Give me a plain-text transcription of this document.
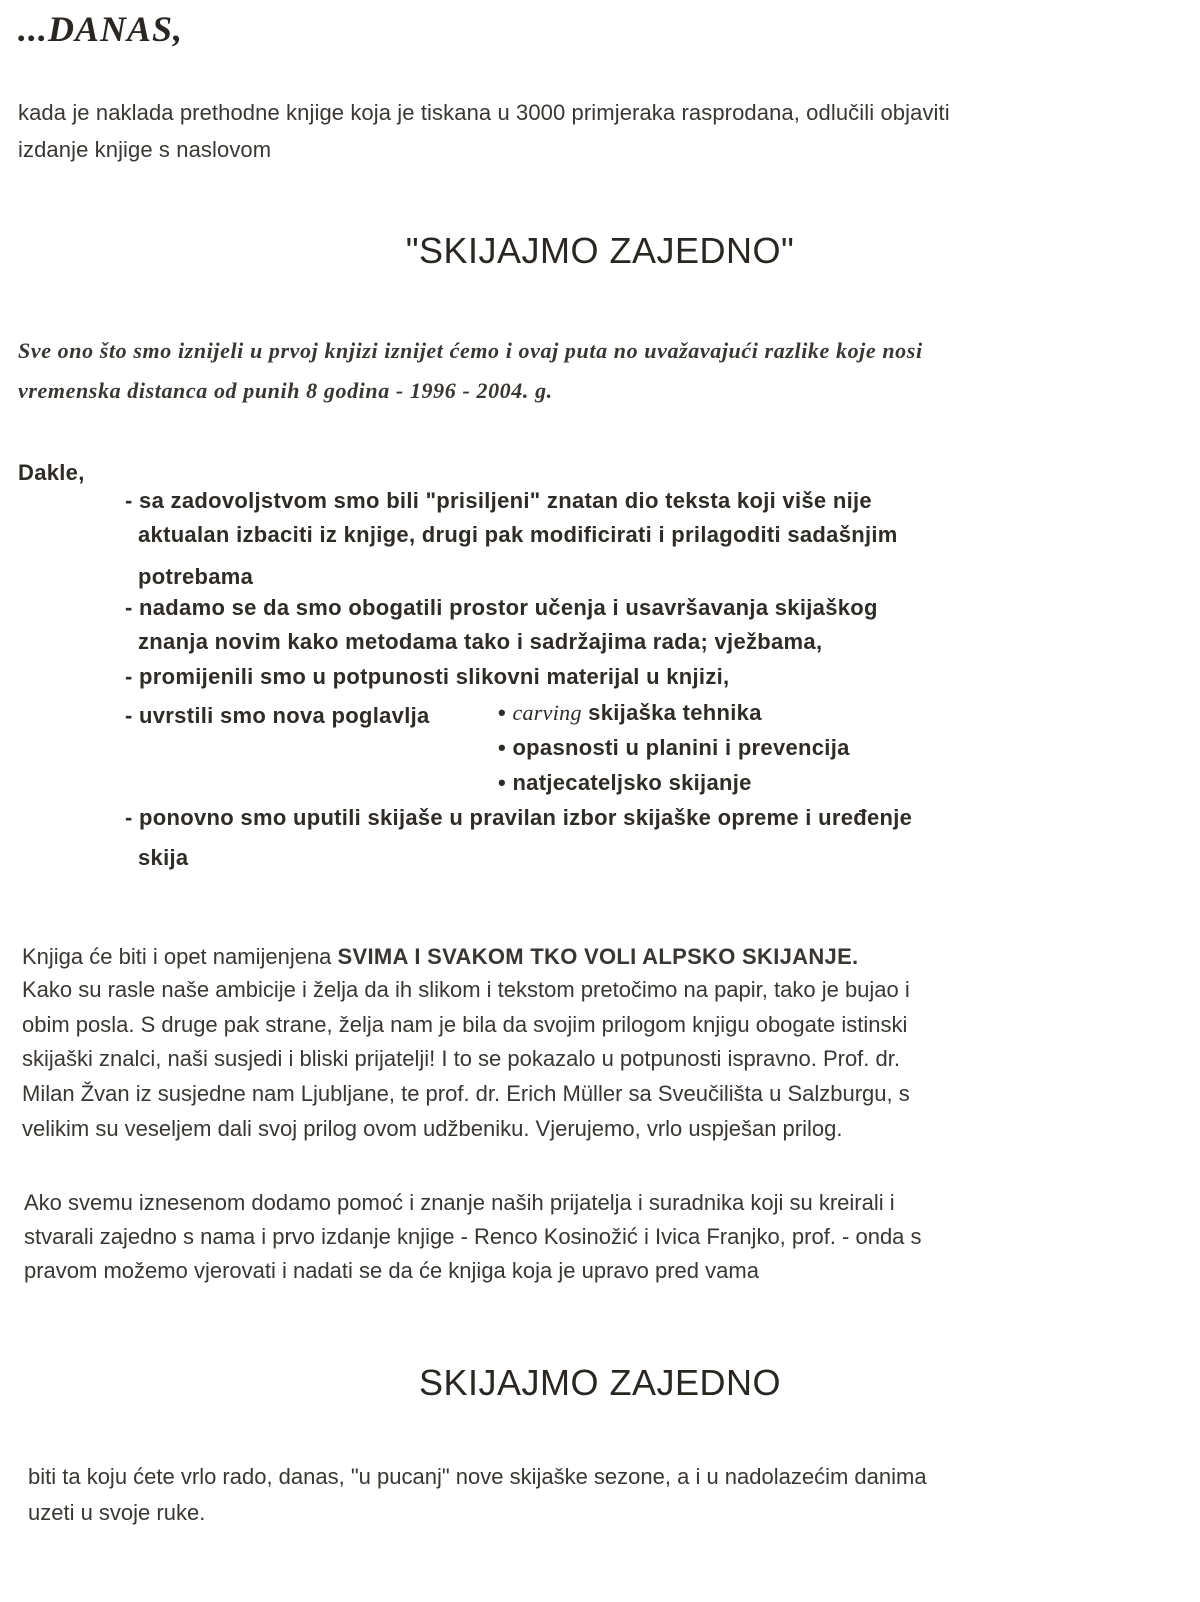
...DANAS,
kada je naklada prethodne knjige koja je tiskana u 3000 primjeraka rasprodana, odlučili objaviti
izdanje knjige s naslovom
"SKIJAJMO ZAJEDNO"
Sve ono što smo iznijeli u prvoj knjizi iznijet ćemo i ovaj puta no uvažavajući razlike koje nosi
vremenska distanca od punih 8 godina - 1996 - 2004. g.
Dakle,
- sa zadovoljstvom smo bili "prisiljeni" znatan dio teksta koji više nije
aktualan izbaciti iz knjige, drugi pak modificirati i prilagoditi sadašnjim
potrebama
- nadamo se da smo obogatili prostor učenja i usavršavanja skijaškog
znanja novim kako metodama tako i sadržajima rada; vježbama,
- promijenili smo u potpunosti slikovni materijal u knjizi,
- uvrstili smo nova poglavlja	• carving skijaška tehnika
• opasnosti u planini i prevencija
• natjecateljsko skijanje
- ponovno smo uputili skijaše u pravilan izbor skijaške opreme i uređenje
skija
Knjiga će biti i opet namijenjena SVIMA I SVAKOM TKO VOLI ALPSKO SKIJANJE.
Kako su rasle naše ambicije i želja da ih slikom i tekstom pretočimo na papir, tako je bujao i
obim posla. S druge pak strane, želja nam je bila da svojim prilogom knjigu obogate istinski
skijaški znalci, naši susjedi i bliski prijatelji! I to se pokazalo u potpunosti ispravno. Prof. dr.
Milan Žvan iz susjedne nam Ljubljane, te prof. dr. Erich Müller sa Sveučilišta u Salzburgu, s
velikim su veseljem dali svoj prilog ovom udžbeniku. Vjerujemo, vrlo uspješan prilog.
Ako svemu iznesenom dodamo pomoć i znanje naših prijatelja i suradnika koji su kreirali i
stvarali zajedno s nama i prvo izdanje knjige - Renco Kosinožić i Ivica Franjko, prof. - onda s
pravom možemo vjerovati i nadati se da će knjiga koja je upravo pred vama
SKIJAJMO ZAJEDNO
biti ta koju ćete vrlo rado, danas, "u pucanj" nove skijaške sezone, a i u nadolazećim danima
uzeti u svoje ruke.
